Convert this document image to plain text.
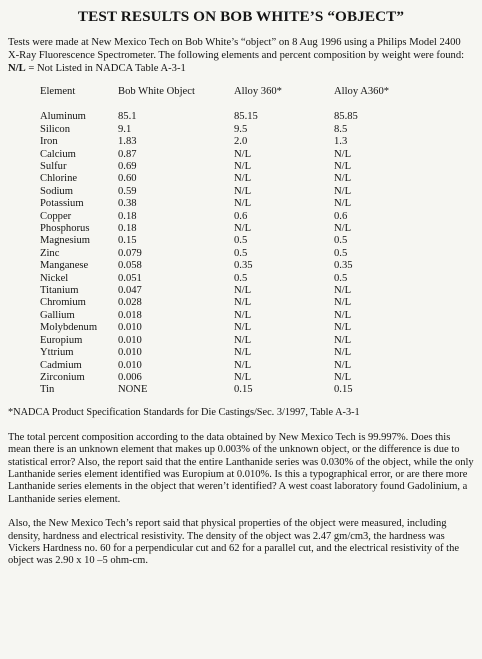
TEST RESULTS ON BOB WHITE’S “OBJECT”
Tests were made at New Mexico Tech on Bob White’s “object” on 8 Aug 1996 using a Philips Model 2400 X-Ray Fluorescence Spectrometer. The following elements and percent composition by weight were found: N/L = Not Listed in NADCA Table A-3-1
Element	Bob White Object	Alloy 360*	Alloy A360*

Aluminum	85.1	85.15	85.85
Silicon	9.1	9.5	8.5
Iron	1.83	2.0	1.3
Calcium	0.87	N/L	N/L
Sulfur	0.69	N/L	N/L
Chlorine	0.60	N/L	N/L
Sodium	0.59	N/L	N/L
Potassium	0.38	N/L	N/L
Copper	0.18	0.6	0.6
Phosphorus	0.18	N/L	N/L
Magnesium	0.15	0.5	0.5
Zinc	0.079	0.5	0.5
Manganese	0.058	0.35	0.35
Nickel	0.051	0.5	0.5
Titanium	0.047	N/L	N/L
Chromium	0.028	N/L	N/L
Gallium	0.018	N/L	N/L
Molybdenum	0.010	N/L	N/L
Europium	0.010	N/L	N/L
Yttrium	0.010	N/L	N/L
Cadmium	0.010	N/L	N/L
Zirconium	0.006	N/L	N/L
Tin	NONE	0.15	0.15
*NADCA Product Specification Standards for Die Castings/Sec. 3/1997, Table A-3-1
The total percent composition according to the data obtained by New Mexico Tech is 99.997%. Does this mean there is an unknown element that makes up 0.003% of the unknown object, or the difference is due to statistical error? Also, the report said that the entire Lanthanide series was 0.030% of the object, while the only Lanthanide series element identified was Europium at 0.010%. Is this a typographical error, or are there more Lanthanide series elements in the object that weren’t identified? A west coast laboratory found Gadolinium, a Lanthanide series element.
Also, the New Mexico Tech’s report said that physical properties of the object were measured, including density, hardness and electrical resistivity. The density of the object was 2.47 gm/cm3, the hardness was Vickers Hardness no. 60 for a perpendicular cut and 62 for a parallel cut, and the electrical resistivity of the object was 2.90 x 10 –5 ohm-cm.
